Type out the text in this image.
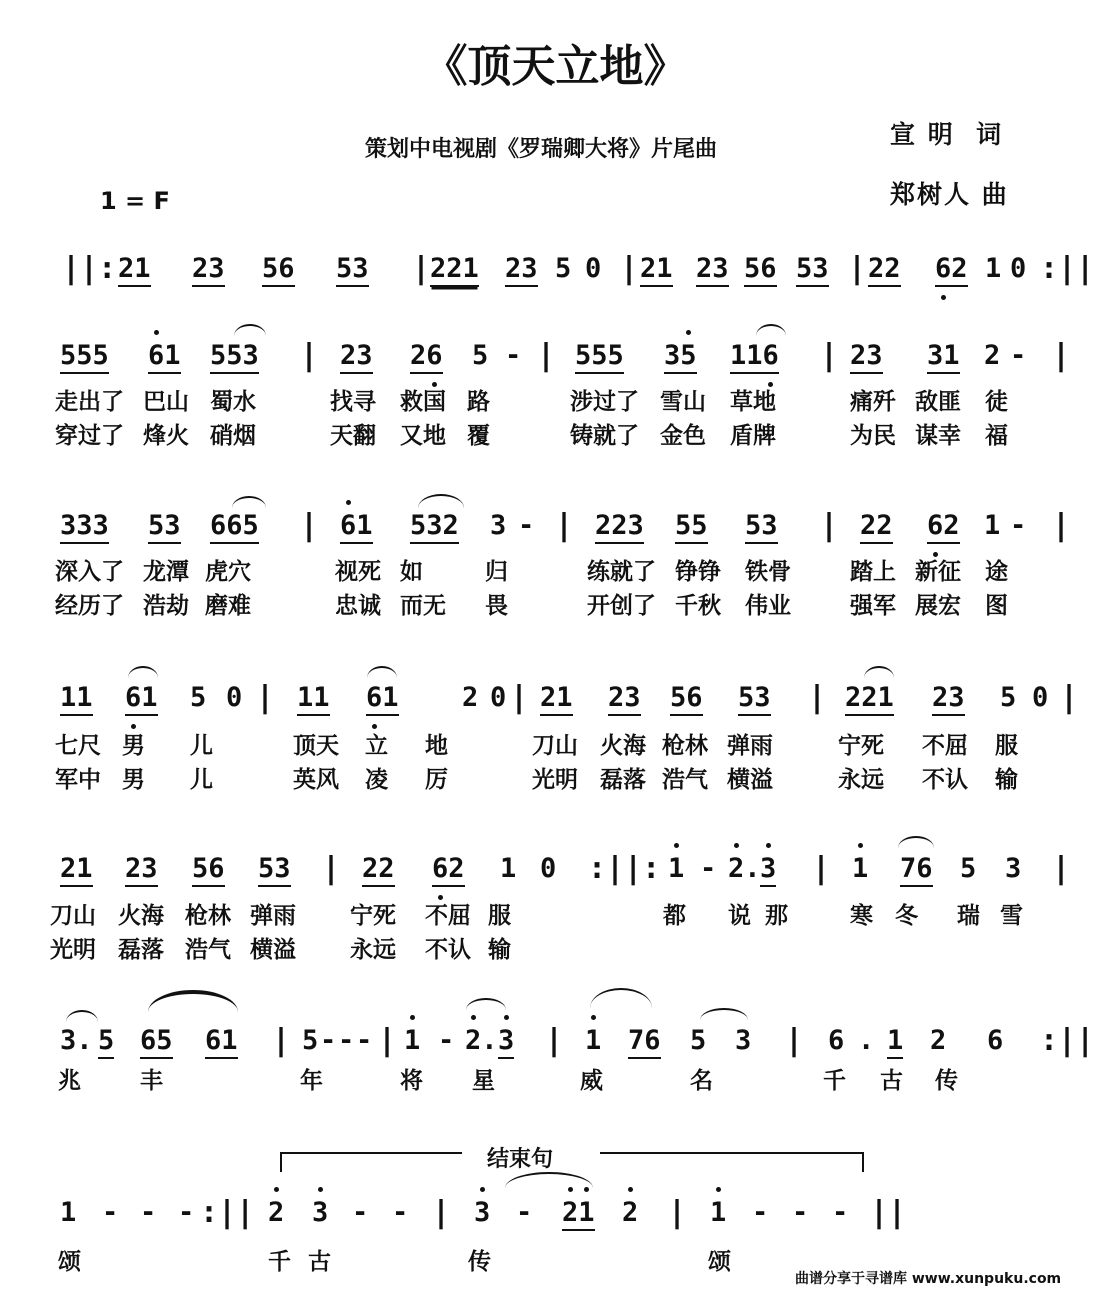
《顶天立地》
策划中电视剧《罗瑞卿大将》片尾曲
宣 明  词
郑树人 曲
1 = F
||: 21 23 56 53 | 221 23 5 0 | 21 23 56 53 | 22 62 1 0 :||
555 61 553 | 23 26 5 - | 555 35 116 | 23 31 2 - |
走出了 巴山 蜀水	找寻 救国 路	涉过了 雪山 草地	痛歼 敌匪 徒
穿过了 烽火 硝烟	天翻 又地 覆	铸就了 金色 盾牌	为民 谋幸 福
333 53 665 | 61 532 3 - | 223 55 53 | 22 62 1 - |
深入了 龙潭 虎穴	视死 如	归	练就了 铮铮 铁骨	踏上 新征 途
经历了 浩劫 磨难	忠诚 而无 畏	开创了 千秋 伟业	强军 展宏 图
11 61 5 0 | 11 61 2 0 | 21 23 56 53 | 221 23 5 0 |
七尺 男 儿	顶天 立 地	刀山 火海 枪林 弹雨	宁死 不屈 服
军中 男 儿	英风 凌 厉	光明 磊落 浩气 横溢	永远 不认 输
21 23 56 53 | 22 62 1 0 :||: 1 - 2. 3 | 1 76 5 3 |
刀山 火海 枪林 弹雨 宁死 不屈 服	都 说 那	寒 冬 瑞 雪
光明 磊落 浩气 横溢 永远 不认 输
3. 5 65 61 | 5 - - - | 1 - 2. 3 | 1 76 5 3 | 6 . 1 2 6 :||
兆	丰	年	将 星	威	名	千 古 传
1 - - - :|| 2 3 - - | 3 - 21 2 | 1 - - - ||
颂	千 古	传	颂
结束句
曲谱分享于寻谱库 www.xunpuku.com
